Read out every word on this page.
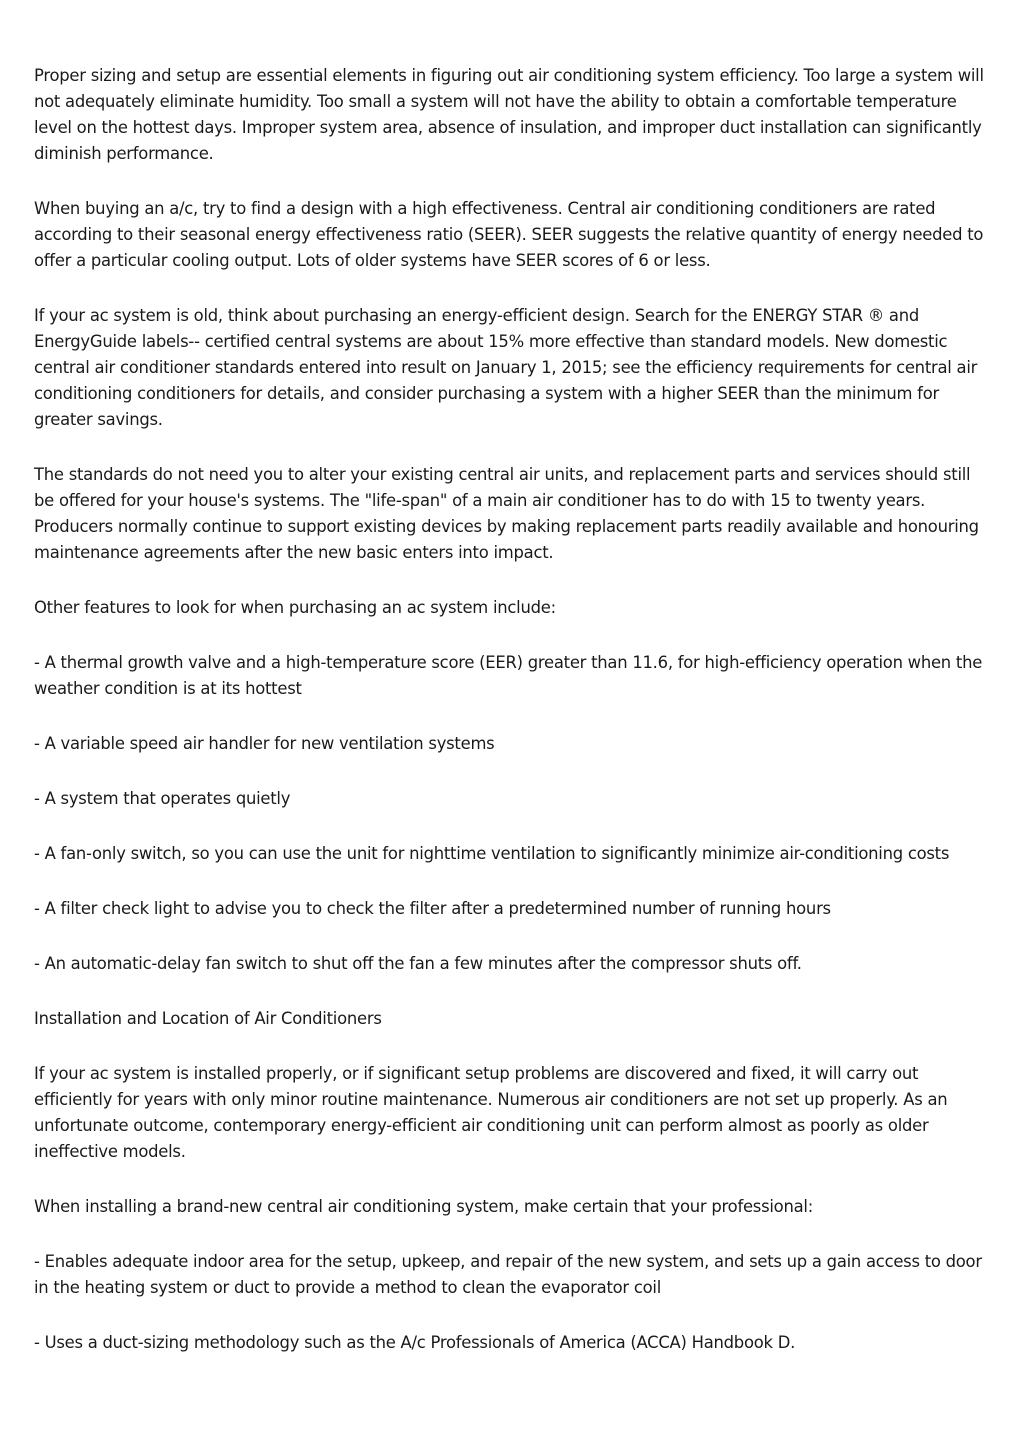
Proper sizing and setup are essential elements in figuring out air conditioning system efficiency. Too large a system will not adequately eliminate humidity. Too small a system will not have the ability to obtain a comfortable temperature level on the hottest days. Improper system area, absence of insulation, and improper duct installation can significantly diminish performance.

When buying an a/c, try to find a design with a high effectiveness. Central air conditioning conditioners are rated according to their seasonal energy effectiveness ratio (SEER). SEER suggests the relative quantity of energy needed to offer a particular cooling output. Lots of older systems have SEER scores of 6 or less.

If your ac system is old, think about purchasing an energy-efficient design. Search for the ENERGY STAR ® and EnergyGuide labels-- certified central systems are about 15% more effective than standard models. New domestic central air conditioner standards entered into result on January 1, 2015; see the efficiency requirements for central air conditioning conditioners for details, and consider purchasing a system with a higher SEER than the minimum for greater savings.

The standards do not need you to alter your existing central air units, and replacement parts and services should still be offered for your house's systems. The "life-span" of a main air conditioner has to do with 15 to twenty years. Producers normally continue to support existing devices by making replacement parts readily available and honouring maintenance agreements after the new basic enters into impact.

Other features to look for when purchasing an ac system include:

- A thermal growth valve and a high-temperature score (EER) greater than 11.6, for high-efficiency operation when the weather condition is at its hottest

- A variable speed air handler for new ventilation systems

- A system that operates quietly

- A fan-only switch, so you can use the unit for nighttime ventilation to significantly minimize air-conditioning costs

- A filter check light to advise you to check the filter after a predetermined number of running hours

- An automatic-delay fan switch to shut off the fan a few minutes after the compressor shuts off.

Installation and Location of Air Conditioners

If your ac system is installed properly, or if significant setup problems are discovered and fixed, it will carry out efficiently for years with only minor routine maintenance. Numerous air conditioners are not set up properly. As an unfortunate outcome, contemporary energy-efficient air conditioning unit can perform almost as poorly as older ineffective models.

When installing a brand-new central air conditioning system, make certain that your professional:

- Enables adequate indoor area for the setup, upkeep, and repair of the new system, and sets up a gain access to door in the heating system or duct to provide a method to clean the evaporator coil

- Uses a duct-sizing methodology such as the A/c Professionals of America (ACCA) Handbook D.
